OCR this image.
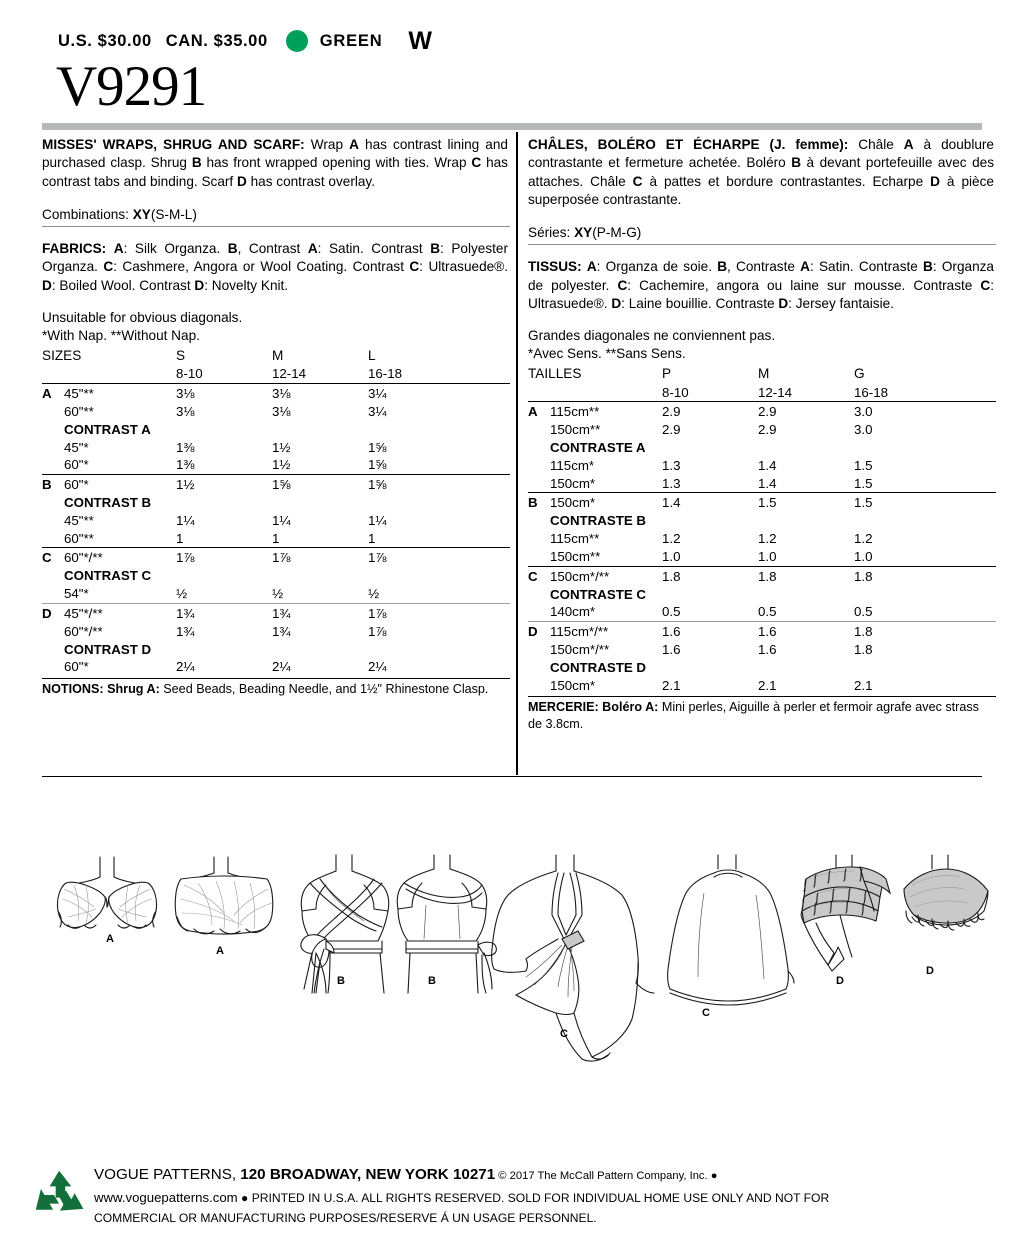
U.S. $30.00 CAN. $35.00	GREEN W
V9291

MISSES' WRAPS, SHRUG AND SCARF: Wrap A has contrast lining and purchased clasp. Shrug B has front wrapped opening with ties. Wrap C has contrast tabs and binding. Scarf D has contrast overlay.

Combinations: XY(S-M-L)

FABRICS: A: Silk Organza. B, Contrast A: Satin. Contrast B: Polyester Organza. C: Cashmere, Angora or Wool Coating. Contrast C: Ultrasuede®. D: Boiled Wool. Contrast D: Novelty Knit.

Unsuitable for obvious diagonals.
*With Nap. **Without Nap.
SIZES		S	M	L
		8-10	12-14	16-18
A	45"**	3⅛	3⅛	3¼
	60"**	3⅛	3⅛	3¼
	CONTRAST A			
	45"*	1⅜	1½	1⅝
	60"*	1⅜	1½	1⅝
B	60"*	1½	1⅝	1⅝
	CONTRAST B			
	45"**	1¼	1¼	1¼
	60"**	1	1	1
C	60"*/**	1⅞	1⅞	1⅞
	CONTRAST C			
	54"*	½	½	½
D	45"*/**	1¾	1¾	1⅞
	60"*/**	1¾	1¾	1⅞
	CONTRAST D			
	60"*	2¼	2¼	2¼

NOTIONS: Shrug A: Seed Beads, Beading Needle, and 1½" Rhinestone Clasp.

CHÂLES, BOLÉRO ET ÉCHARPE (J. femme): Châle A à doublure contrastante et fermeture achetée. Boléro B à devant portefeuille avec des attaches. Châle C à pattes et bordure contrastantes. Echarpe D à pièce superposée contrastante.

Séries: XY(P-M-G)

TISSUS: A: Organza de soie. B, Contraste A: Satin. Contraste B: Organza de polyester. C: Cachemire, angora ou laine sur mousse. Contraste C: Ultrasuede®. D: Laine bouillie. Contraste D: Jersey fantaisie.

Grandes diagonales ne conviennent pas.
*Avec Sens. **Sans Sens.
TAILLES		P	M	G
		8-10	12-14	16-18
A	115cm**	2.9	2.9	3.0
	150cm**	2.9	2.9	3.0
	CONTRASTE A			
	115cm*	1.3	1.4	1.5
	150cm*	1.3	1.4	1.5
B	150cm*	1.4	1.5	1.5
	CONTRASTE B			
	115cm**	1.2	1.2	1.2
	150cm**	1.0	1.0	1.0
C	150cm*/**	1.8	1.8	1.8
	CONTRASTE C			
	140cm*	0.5	0.5	0.5
D	115cm*/**	1.6	1.6	1.8
	150cm*/**	1.6	1.6	1.8
	CONTRASTE D			
	150cm*	2.1	2.1	2.1

MERCERIE: Boléro A: Mini perles, Aiguille à perler et fermoir agrafe avec strass de 3.8cm.

A
A
B	B
C
C
D
D
VOGUE PATTERNS, 120 BROADWAY, NEW YORK 10271 © 2017 The McCall Pattern Company, Inc. ●
www.voguepatterns.com ● PRINTED IN U.S.A. ALL RIGHTS RESERVED. SOLD FOR INDIVIDUAL HOME USE ONLY AND NOT FOR
COMMERCIAL OR MANUFACTURING PURPOSES/RESERVE Á UN USAGE PERSONNEL.
